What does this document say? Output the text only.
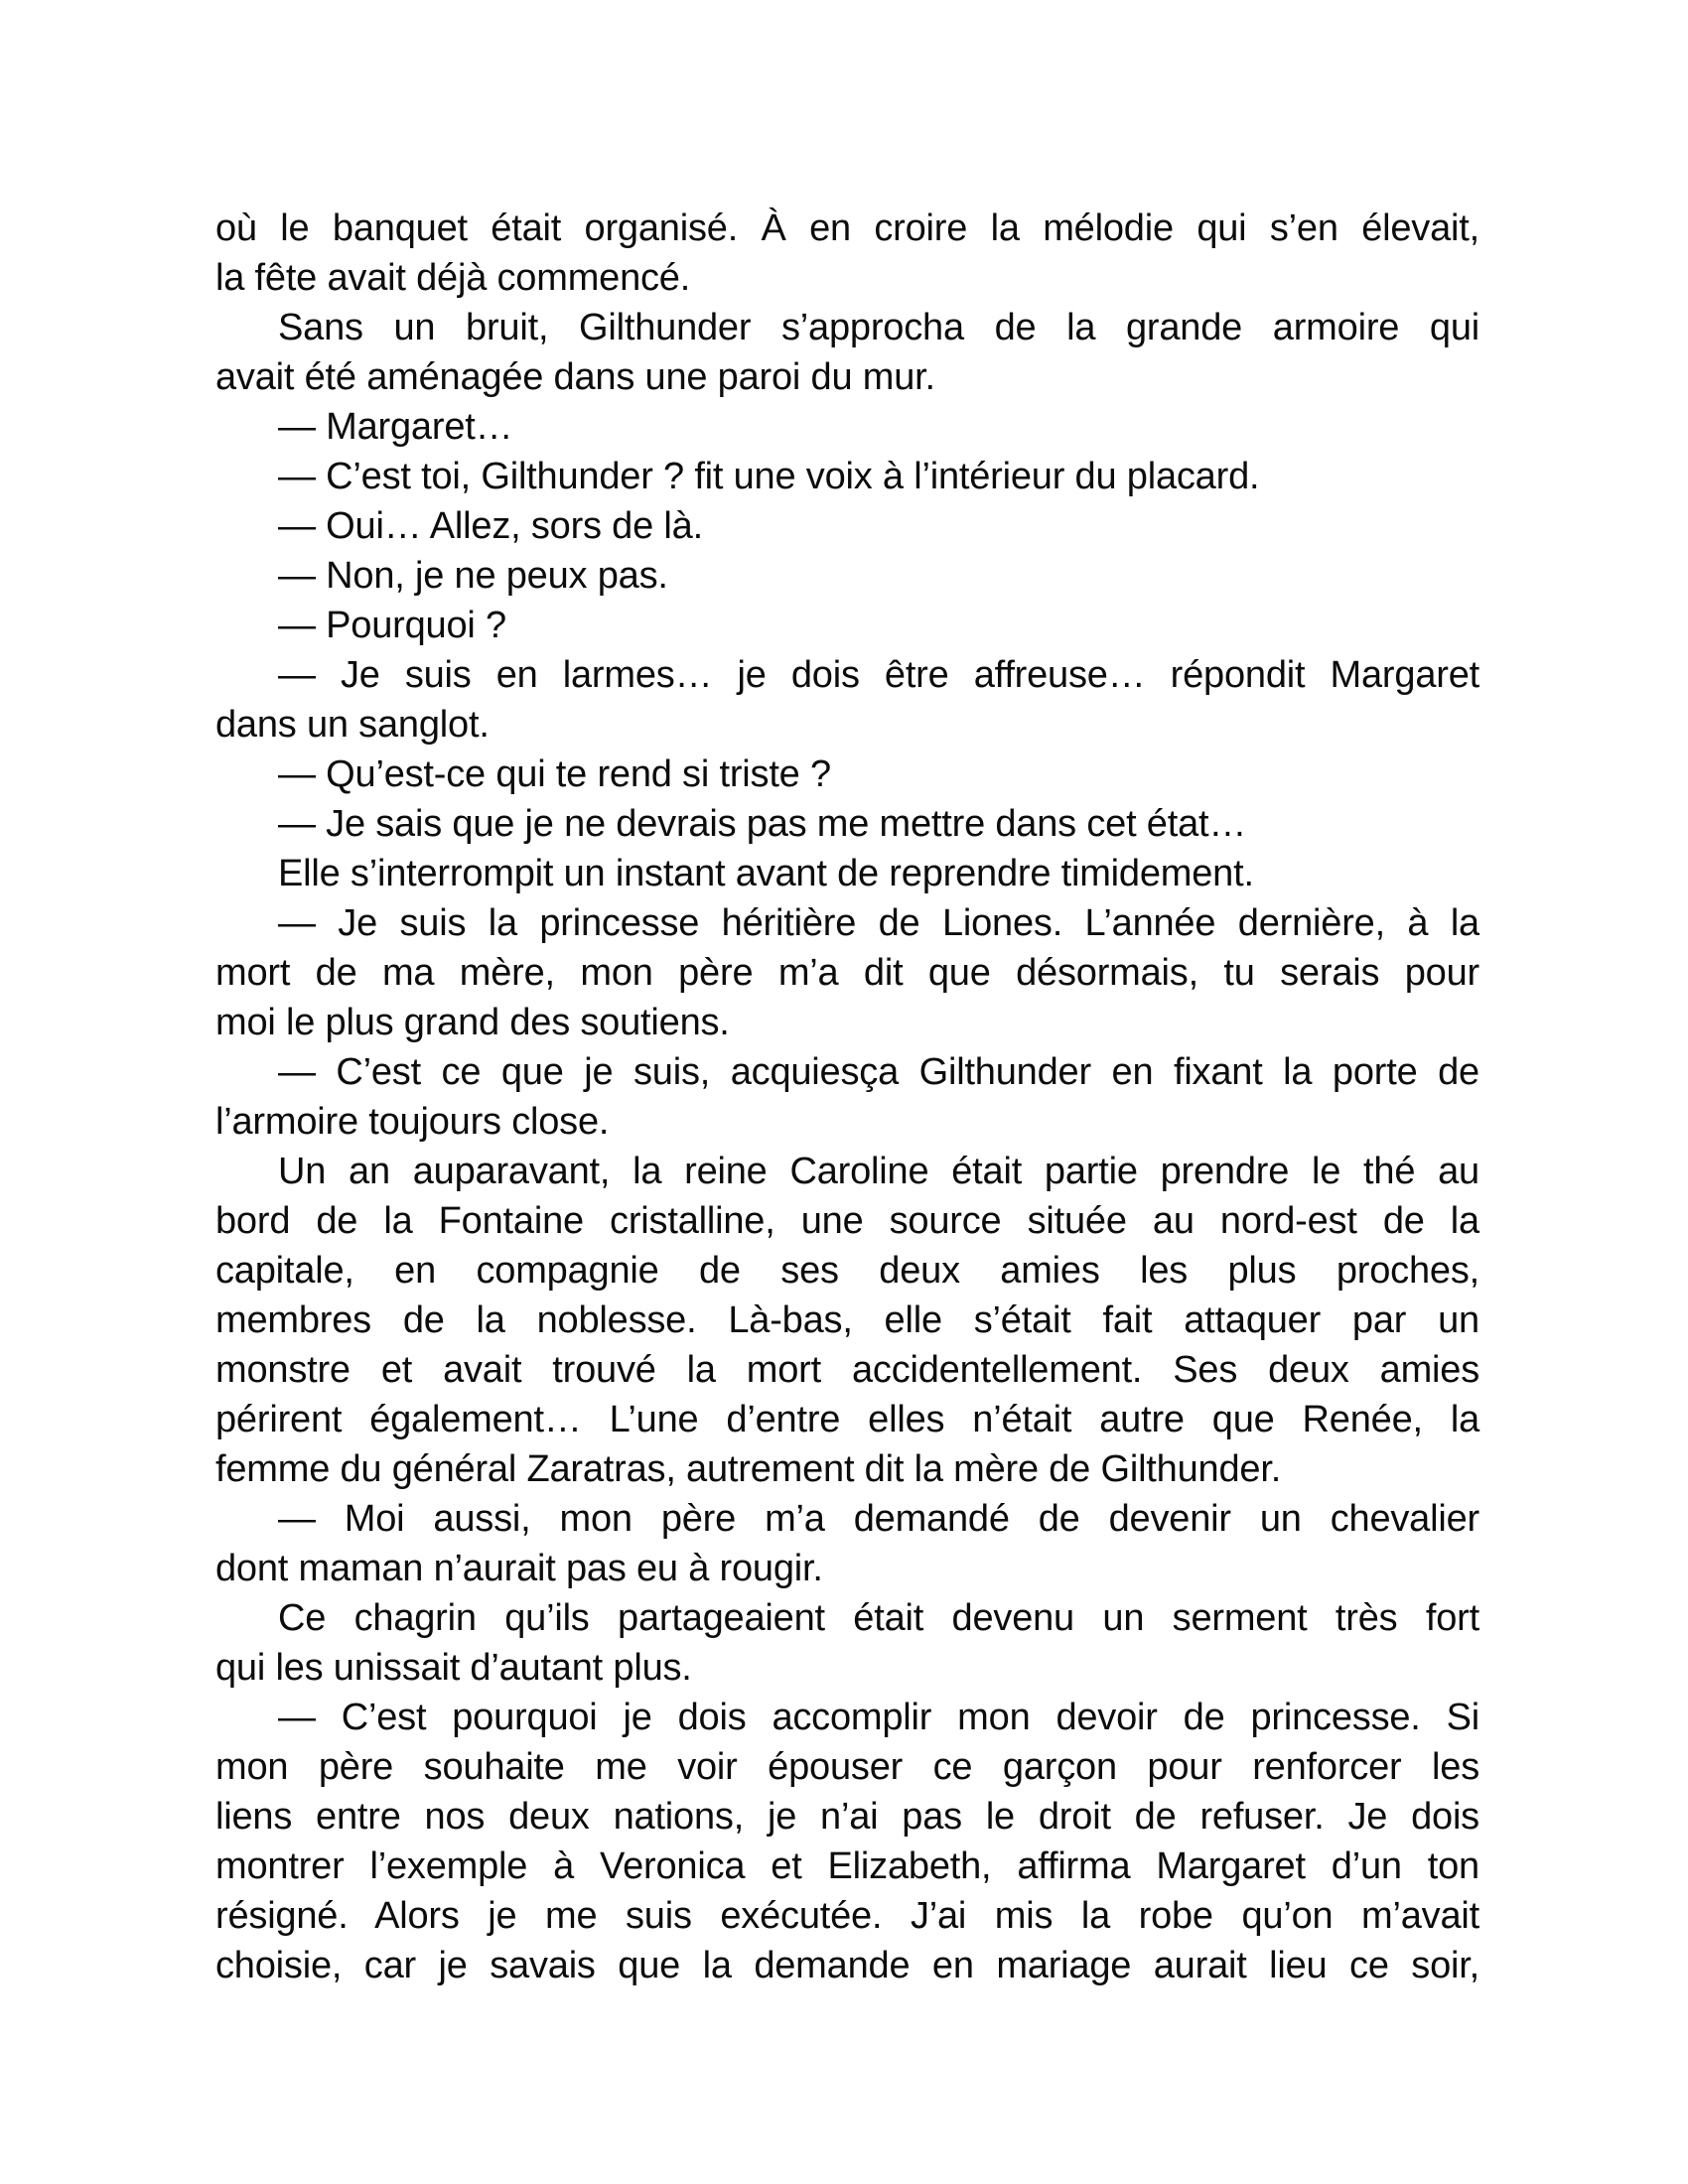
où le banquet était organisé. À en croire la mélodie qui s’en élevait,
la fête avait déjà commencé.
Sans un bruit, Gilthunder s’approcha de la grande armoire qui
avait été aménagée dans une paroi du mur.
— Margaret…
— C’est toi, Gilthunder ? fit une voix à l’intérieur du placard.
— Oui… Allez, sors de là.
— Non, je ne peux pas.
— Pourquoi ?
— Je suis en larmes… je dois être affreuse… répondit Margaret
dans un sanglot.
— Qu’est-ce qui te rend si triste ?
— Je sais que je ne devrais pas me mettre dans cet état…
Elle s’interrompit un instant avant de reprendre timidement.
— Je suis la princesse héritière de Liones. L’année dernière, à la
mort de ma mère, mon père m’a dit que désormais, tu serais pour
moi le plus grand des soutiens.
— C’est ce que je suis, acquiesça Gilthunder en fixant la porte de
l’armoire toujours close.
Un an auparavant, la reine Caroline était partie prendre le thé au
bord de la Fontaine cristalline, une source située au nord-est de la
capitale, en compagnie de ses deux amies les plus proches,
membres de la noblesse. Là-bas, elle s’était fait attaquer par un
monstre et avait trouvé la mort accidentellement. Ses deux amies
périrent également… L’une d’entre elles n’était autre que Renée, la
femme du général Zaratras, autrement dit la mère de Gilthunder.
— Moi aussi, mon père m’a demandé de devenir un chevalier
dont maman n’aurait pas eu à rougir.
Ce chagrin qu’ils partageaient était devenu un serment très fort
qui les unissait d’autant plus.
— C’est pourquoi je dois accomplir mon devoir de princesse. Si
mon père souhaite me voir épouser ce garçon pour renforcer les
liens entre nos deux nations, je n’ai pas le droit de refuser. Je dois
montrer l’exemple à Veronica et Elizabeth, affirma Margaret d’un ton
résigné. Alors je me suis exécutée. J’ai mis la robe qu’on m’avait
choisie, car je savais que la demande en mariage aurait lieu ce soir,
